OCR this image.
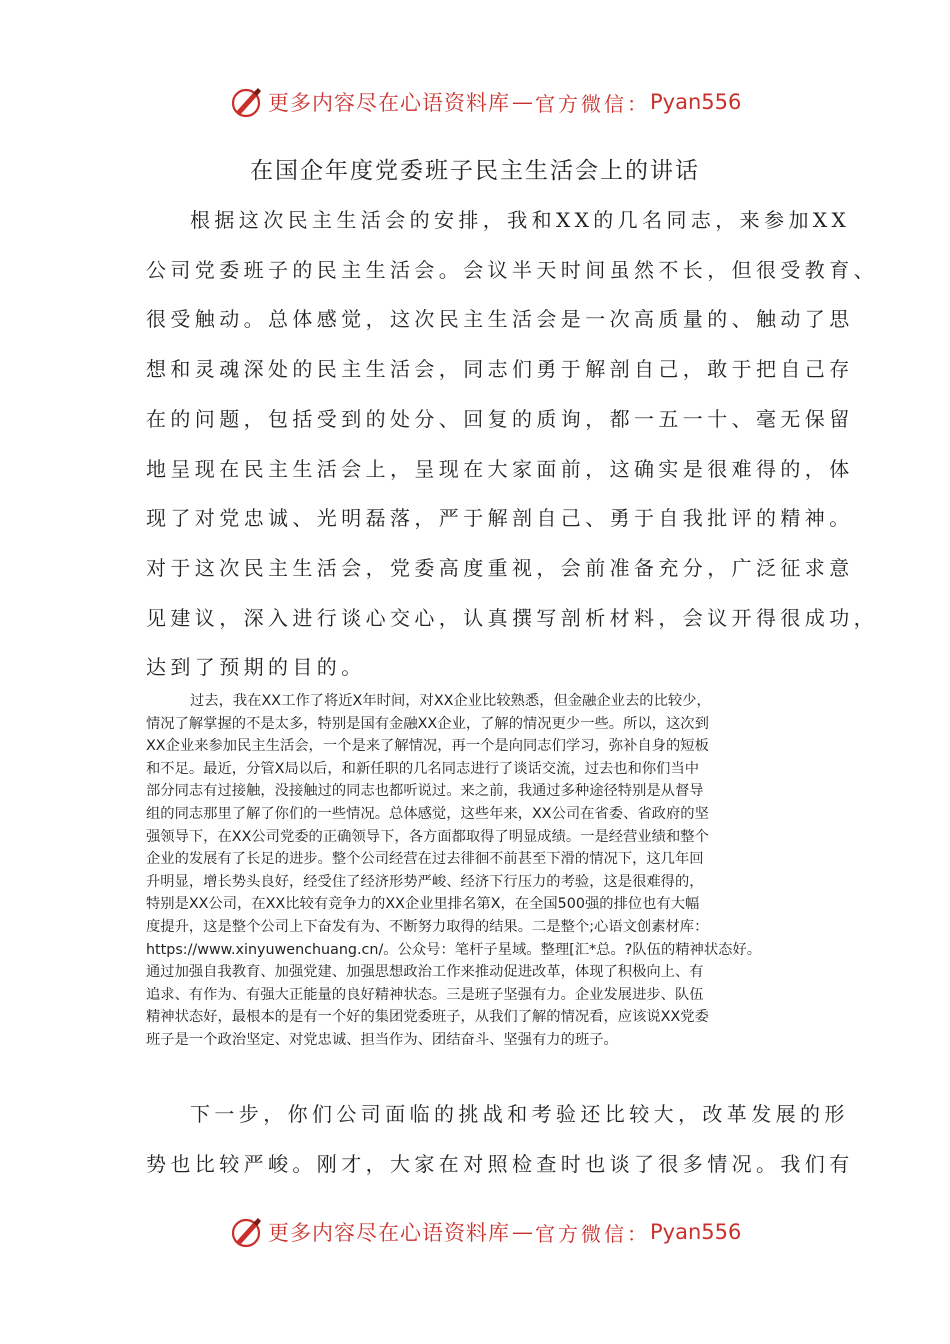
更多内容尽在心语资料库 — 官方微信： Pyan556
在国企年度党委班子民主生活会上的讲话

根据这次民主生活会的安排，我和XX的几名同志，来参加XX
公司党委班子的民主生活会。会议半天时间虽然不长，但很受教育、
很受触动。总体感觉，这次民主生活会是一次高质量的、触动了思
想和灵魂深处的民主生活会，同志们勇于解剖自己，敢于把自己存
在的问题，包括受到的处分、回复的质询，都一五一十、毫无保留
地呈现在民主生活会上，呈现在大家面前，这确实是很难得的，体
现了对党忠诚、光明磊落，严于解剖自己、勇于自我批评的精神。
对于这次民主生活会，党委高度重视，会前准备充分，广泛征求意
见建议，深入进行谈心交心，认真撰写剖析材料，会议开得很成功，
达到了预期的目的。

过去，我在XX工作了将近X年时间，对XX企业比较熟悉，但金融企业去的比较少，
情况了解掌握的不是太多，特别是国有金融XX企业，了解的情况更少一些。所以，这次到
XX企业来参加民主生活会，一个是来了解情况，再一个是向同志们学习，弥补自身的短板
和不足。最近，分管X局以后，和新任职的几名同志进行了谈话交流，过去也和你们当中
部分同志有过接触，没接触过的同志也都听说过。来之前，我通过多种途径特别是从督导
组的同志那里了解了你们的一些情况。总体感觉，这些年来，XX公司在省委、省政府的坚
强领导下，在XX公司党委的正确领导下，各方面都取得了明显成绩。一是经营业绩和整个
企业的发展有了长足的进步。整个公司经营在过去徘徊不前甚至下滑的情况下，这几年回
升明显，增长势头良好，经受住了经济形势严峻、经济下行压力的考验，这是很难得的，
特别是XX公司，在XX比较有竞争力的XX企业里排名第X，在全国500强的排位也有大幅
度提升，这是整个公司上下奋发有为、不断努力取得的结果。二是整个;心语文创素材库：
https://www.xinyuwenchuang.cn/。公众号：笔杆子星域。整理[汇*总。?队伍的精神状态好。
通过加强自我教育、加强党建、加强思想政治工作来推动促进改革，体现了积极向上、有
追求、有作为、有强大正能量的良好精神状态。三是班子坚强有力。企业发展进步、队伍
精神状态好，最根本的是有一个好的集团党委班子，从我们了解的情况看，应该说XX党委
班子是一个政治坚定、对党忠诚、担当作为、团结奋斗、坚强有力的班子。

下一步，你们公司面临的挑战和考验还比较大，改革发展的形
势也比较严峻。刚才，大家在对照检查时也谈了很多情况。我们有

更多内容尽在心语资料库 — 官方微信： Pyan556
